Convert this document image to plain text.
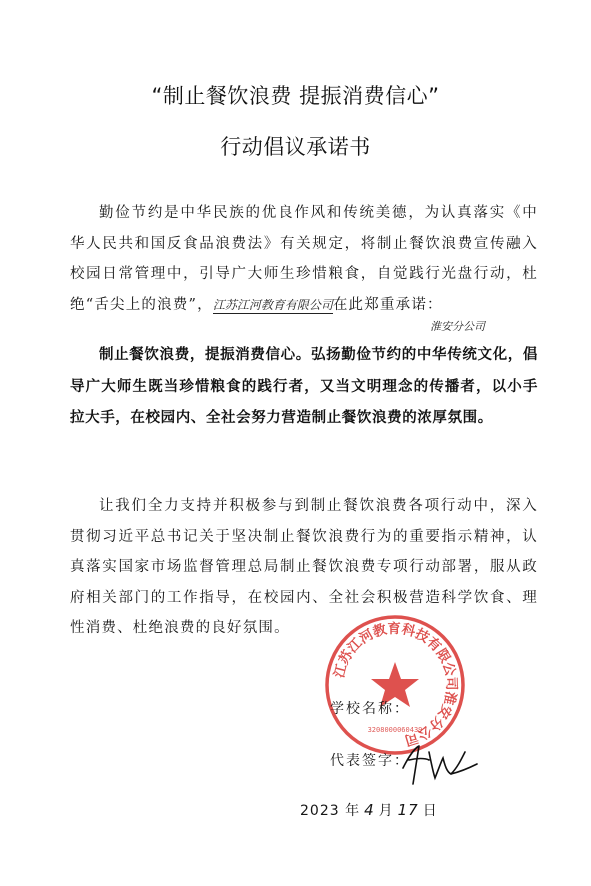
“制止餐饮浪费 提振消费信心”
行动倡议承诺书

勤俭节约是中华民族的优良作风和传统美德，为认真落实《中华人民共和国反食品浪费法》有关规定，将制止餐饮浪费宣传融入校园日常管理中，引导广大师生珍惜粮食，自觉践行光盘行动，杜绝“舌尖上的浪费”，江苏江河教育有限公司在此郑重承诺：

淮安分公司

制止餐饮浪费，提振消费信心。弘扬勤俭节约的中华传统文化，倡导广大师生既当珍惜粮食的践行者，又当文明理念的传播者，以小手拉大手，在校园内、全社会努力营造制止餐饮浪费的浓厚氛围。

让我们全力支持并积极参与到制止餐饮浪费各项行动中，深入贯彻习近平总书记关于坚决制止餐饮浪费行为的重要指示精神，认真落实国家市场监督管理总局制止餐饮浪费专项行动部署，服从政府相关部门的工作指导，在校园内、全社会积极营造科学饮食、理性消费、杜绝浪费的良好氛围。

江苏江河教育科技有限公司淮安分公司
3208000060439
学校名称：
代表签字：
2023 年 4 月 17 日
